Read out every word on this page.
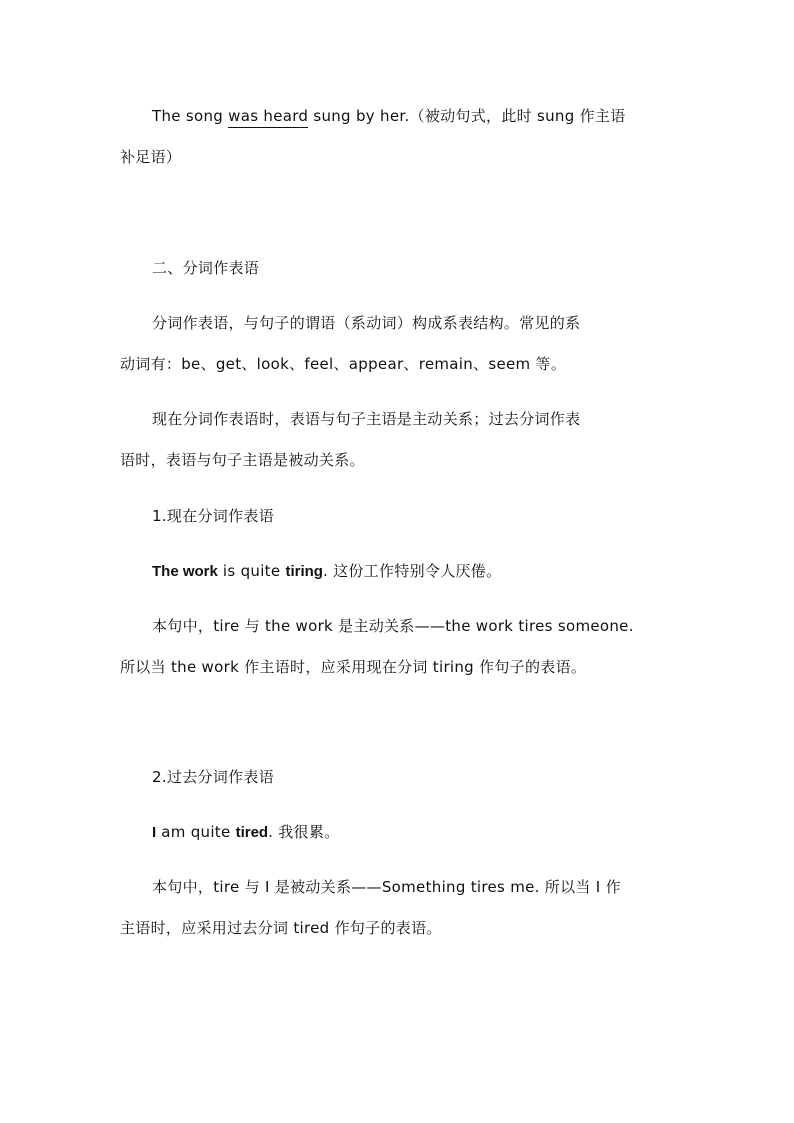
The song was heard sung by her.（被动句式，此时 sung 作主语
补足语）
二、分词作表语
分词作表语，与句子的谓语（系动词）构成系表结构。常见的系
动词有：be、get、look、feel、appear、remain、seem 等。
现在分词作表语时，表语与句子主语是主动关系；过去分词作表
语时，表语与句子主语是被动关系。
1.现在分词作表语
The work is quite tiring. 这份工作特别令人厌倦。
本句中，tire 与 the work 是主动关系——the work tires someone.
所以当 the work 作主语时，应采用现在分词 tiring 作句子的表语。
2.过去分词作表语
I am quite tired. 我很累。
本句中，tire 与 I 是被动关系——Something tires me. 所以当 I 作
主语时，应采用过去分词 tired 作句子的表语。
